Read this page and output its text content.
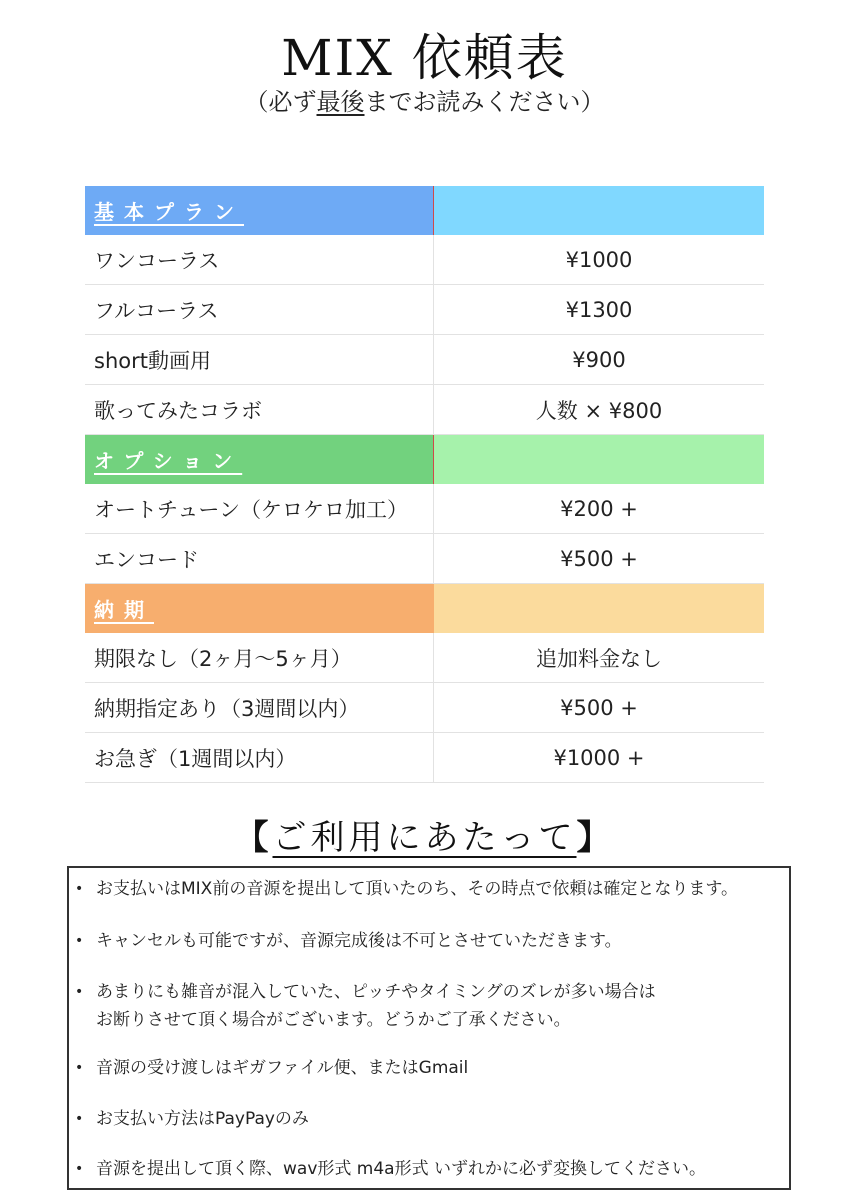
MIX 依頼表
（必ず最後までお読みください）
基本プラン	
ワンコーラス	¥1000
フルコーラス	¥1300
short動画用	¥900
歌ってみたコラボ	人数 × ¥800
オプション	
オートチューン（ケロケロ加工）	¥200 +
エンコード	¥500 +
納期	
期限なし（2ヶ月〜5ヶ月）	追加料金なし
納期指定あり（3週間以内）	¥500 +
お急ぎ（1週間以内）	¥1000 +
【ご利用にあたって】
• お支払いはMIX前の音源を提出して頂いたのち、その時点で依頼は確定となります。
• キャンセルも可能ですが、音源完成後は不可とさせていただきます。
• あまりにも雑音が混入していた、ピッチやタイミングのズレが多い場合は
お断りさせて頂く場合がございます。どうかご了承ください。
• 音源の受け渡しはギガファイル便、またはGmail
• お支払い方法はPayPayのみ
• 音源を提出して頂く際、wav形式 m4a形式 いずれかに必ず変換してください。
